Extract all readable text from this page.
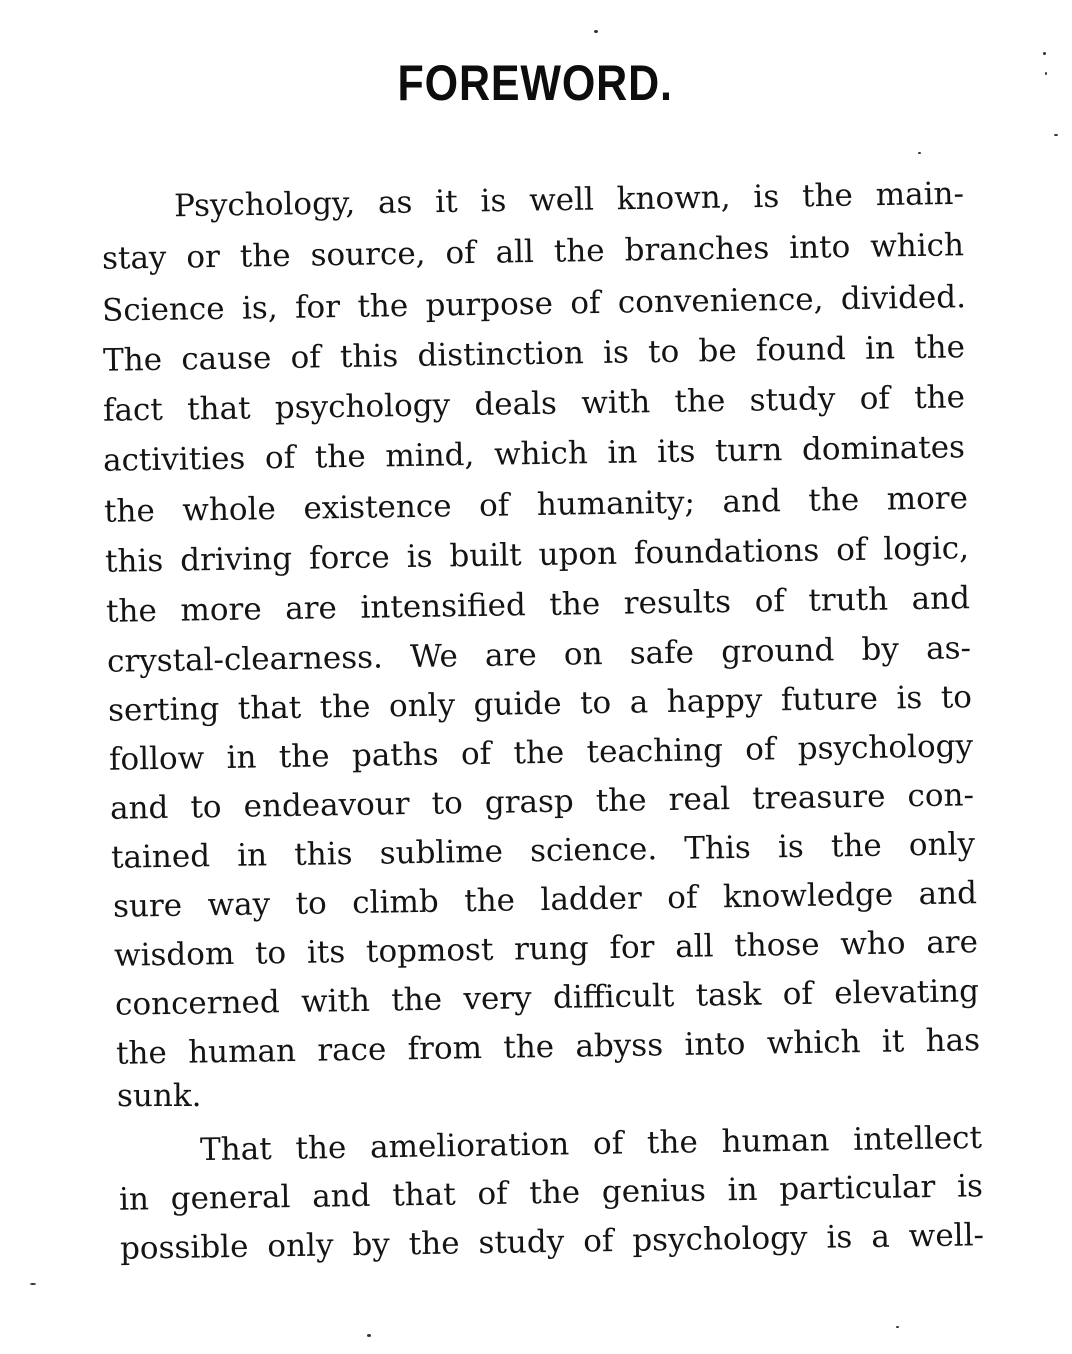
FOREWORD.
Psychology, as it is well known, is the main-
stay or the source, of all the branches into which
Science is, for the purpose of convenience, divided.
The cause of this distinction is to be found in the
fact that psychology deals with the study of the
activities of the mind, which in its turn dominates
the whole existence of humanity; and the more
this driving force is built upon foundations of logic,
the more are intensified the results of truth and
crystal-clearness. We are on safe ground by as-
serting that the only guide to a happy future is to
follow in the paths of the teaching of psychology
and to endeavour to grasp the real treasure con-
tained in this sublime science. This is the only
sure way to climb the ladder of knowledge and
wisdom to its topmost rung for all those who are
concerned with the very difficult task of elevating
the human race from the abyss into which it has
sunk.
That the amelioration of the human intellect
in general and that of the genius in particular is
possible only by the study of psychology is a well-
